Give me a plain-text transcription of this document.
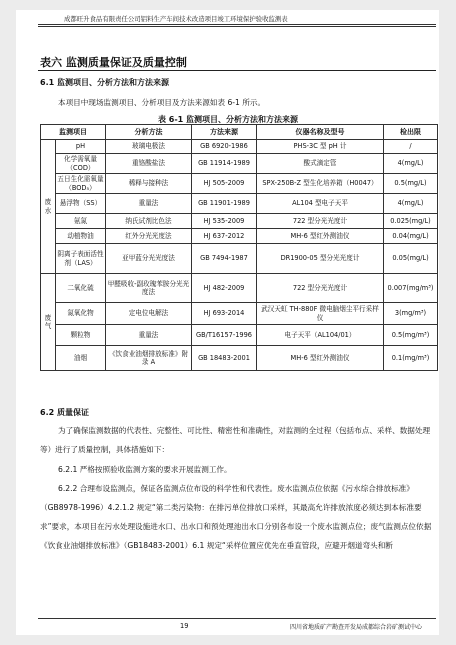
成都旺升食品有限责任公司铝料生产车间技术改造项目竣工环境保护验收监测表
表六 监测质量保证及质量控制
6.1 监测项目、分析方法和方法来源
本项目中现场监测项目、分析项目及方法来源如表 6-1 所示。
表 6-1 监测项目、分析方法和方法来源
监测项目		分析方法	方法来源	仪器名称及型号	检出限
废水	pH	玻璃电极法	GB 6920-1986	PHS-3C 型 pH 计	/
	化学需氧量（COD）	重铬酸盐法	GB 11914-1989	酸式滴定管	4(mg/L)
	五日生化需氧量（BOD₅）	稀释与接种法	HJ 505-2009	SPX-250B-Z 型生化培养箱（H0047）	0.5(mg/L)
	悬浮物（SS）	重量法	GB 11901-1989	AL104 型电子天平	4(mg/L)
	氨氮	纳氏试剂比色法	HJ 535-2009	722 型分光光度计	0.025(mg/L)
	动植物油	红外分光光度法	HJ 637-2012	MH-6 型红外测油仪	0.04(mg/L)
	阴离子表面活性剂（LAS）	亚甲蓝分光光度法	GB 7494-1987	DR1900-05 型分光光度计	0.05(mg/L)
废气	二氧化硫	甲醛吸收-副玫瑰苯胺分光光度法	HJ 482-2009	722 型分光光度计	0.007(mg/m³)
	氮氧化物	定电位电解法	HJ 693-2014	武汉天虹 TH-880F 微电脑烟尘平行采样仪	3(mg/m³)
	颗粒物	重量法	GB/T16157-1996	电子天平（AL104/01）	0.5(mg/m³)
	油烟	《饮食业油烟排放标准》附录 A	GB 18483-2001	MH-6 型红外测油仪	0.1(mg/m³)
6.2 质量保证
为了确保监测数据的代表性、完整性、可比性、精密性和准确性，对监测的全过程（包括布点、采样、数据处理等）进行了质量控制，具体措施如下：
6.2.1 严格按照验收监测方案的要求开展监测工作。
6.2.2 合理布设监测点，保证各监测点位布设的科学性和代表性。废水监测点位依据《污水综合排放标准》（GB8978-1996）4.2.1.2 规定“第二类污染物：在排污单位排放口采样，其最高允许排放浓度必须达到本标准要求”要求，本项目在污水处理设施进水口、出水口和预处理池出水口分别各布设一个废水监测点位；废气监测点位依据《饮食业油烟排放标准》（GB18483-2001）6.1 规定“采样位置应优先在垂直管段，应避开烟道弯头和断
19	四川省地质矿产勘查开发局成都综合岩矿测试中心
